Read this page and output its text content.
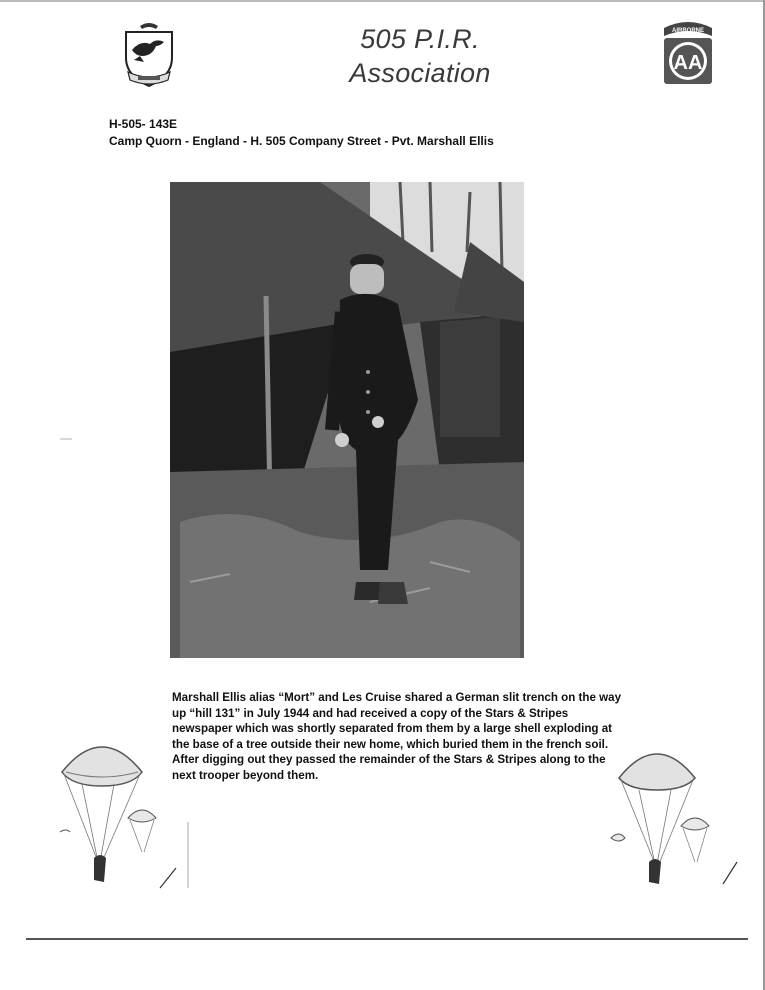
505 P.I.R.
Association
AIRBORNE
AA
H-505- 143E
Camp Quorn - England - H. 505 Company Street - Pvt. Marshall Ellis
Marshall Ellis alias “Mort” and Les Cruise shared a German slit trench on the way up “hill 131” in July 1944 and had received a copy of the Stars & Stripes newspaper which was shortly separated from them by a large shell exploding at the base of a tree outside their new home, which buried them in the french soil. After digging out they passed the remainder of the Stars & Stripes along to the next trooper beyond them.
